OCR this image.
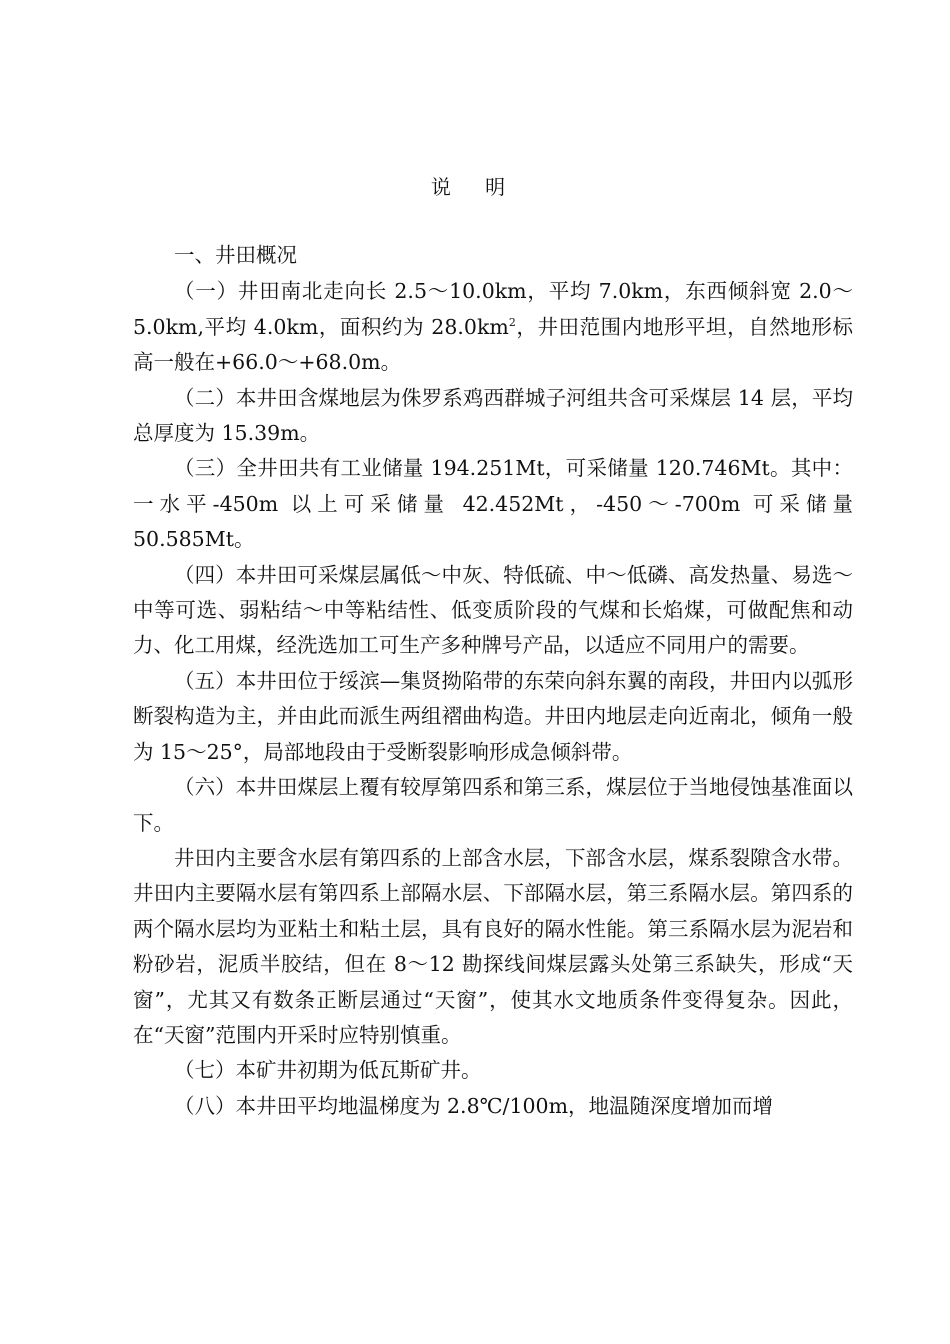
说 明

一、井田概况

（一）井田南北走向长 2.5～10.0km，平均 7.0km，东西倾斜宽 2.0～5.0km,平均 4.0km，面积约为 $28.0km^2$，井田范围内地形平坦，自然地形标高一般在+66.0～+68.0m。

（二）本井田含煤地层为侏罗系鸡西群城子河组共含可采煤层 14 层，平均总厚度为 15.39m。

（三）全井田共有工业储量 194.251Mt，可采储量 120.746Mt。其中：一水平-450m 以上可采储量 42.452Mt，-450～-700m 可采储量 50.585Mt。

（四）本井田可采煤层属低～中灰、特低硫、中～低磷、高发热量、易选～中等可选、弱粘结～中等粘结性、低变质阶段的气煤和长焰煤，可做配焦和动力、化工用煤，经洗选加工可生产多种牌号产品，以适应不同用户的需要。

（五）本井田位于绥滨—集贤拗陷带的东荣向斜东翼的南段，井田内以弧形断裂构造为主，并由此而派生两组褶曲构造。井田内地层走向近南北，倾角一般为 15～25°，局部地段由于受断裂影响形成急倾斜带。

（六）本井田煤层上覆有较厚第四系和第三系，煤层位于当地侵蚀基准面以下。

井田内主要含水层有第四系的上部含水层，下部含水层，煤系裂隙含水带。井田内主要隔水层有第四系上部隔水层、下部隔水层，第三系隔水层。第四系的两个隔水层均为亚粘土和粘土层，具有良好的隔水性能。第三系隔水层为泥岩和粉砂岩，泥质半胶结，但在 8～12 勘探线间煤层露头处第三系缺失，形成“天窗”，尤其又有数条正断层通过“天窗”，使其水文地质条件变得复杂。因此，在“天窗”范围内开采时应特别慎重。

（七）本矿井初期为低瓦斯矿井。

（八）本井田平均地温梯度为 2.8℃/100m，地温随深度增加而增
